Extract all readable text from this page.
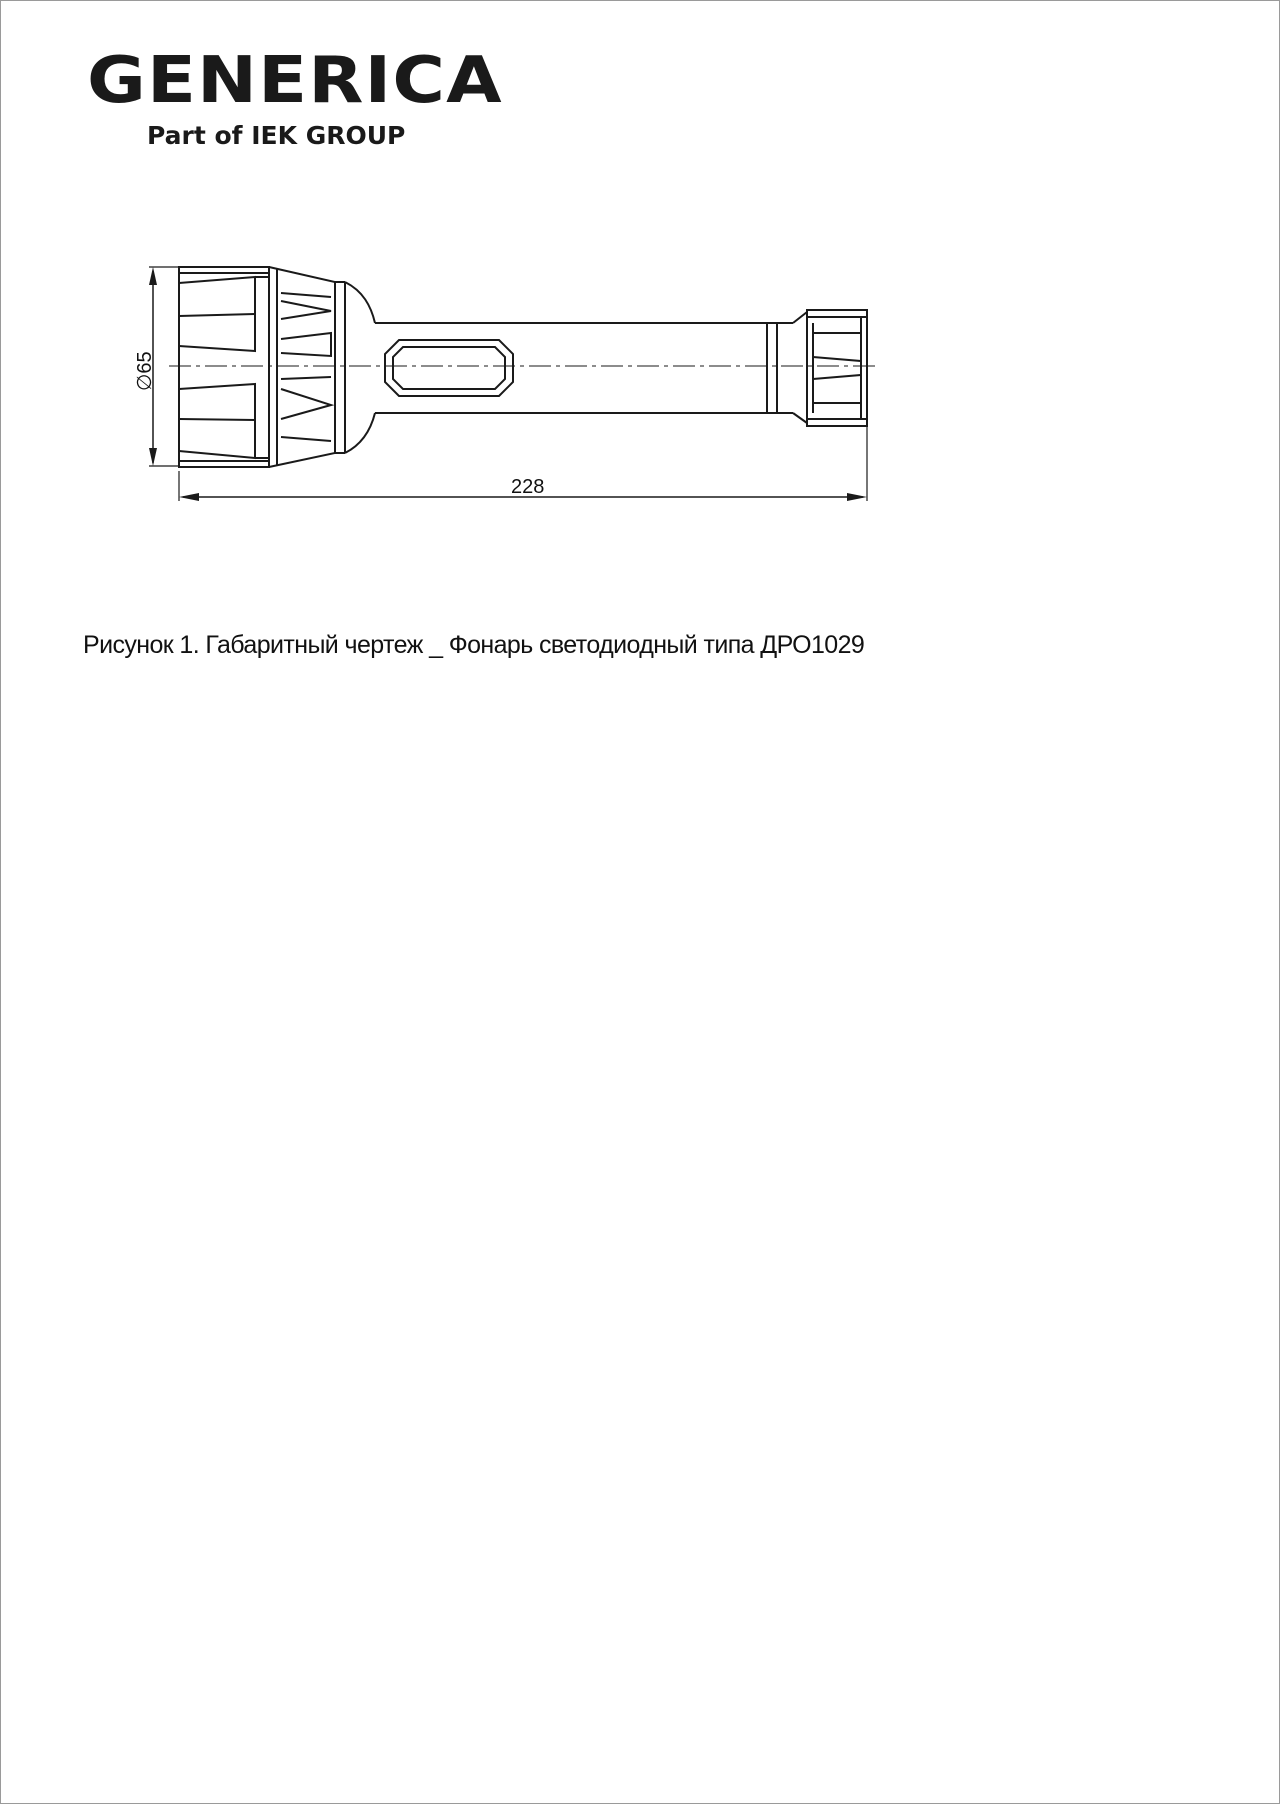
GENERICA
Part of IEK GROUP
∅65
228
Рисунок 1. Габаритный чертеж _ Фонарь светодиодный типа ДРО1029
